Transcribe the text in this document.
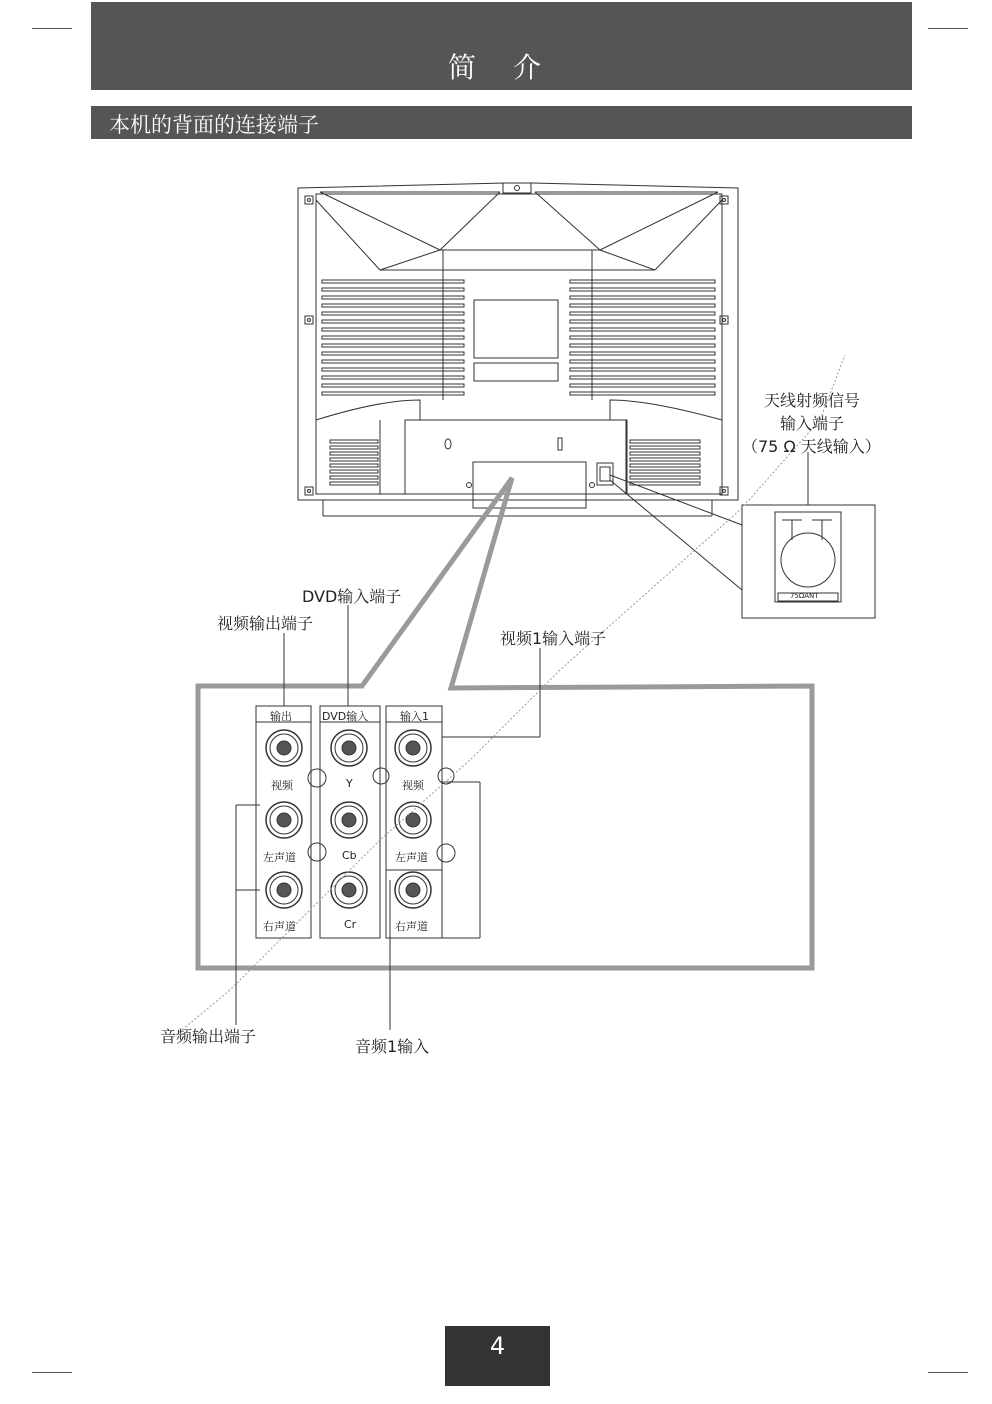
简 介
本机的背面的连接端子
天线射频信号
输入端子
（75 Ω 天线输入）
75ΩANT
DVD输入端子
视频输出端子
视频1输入端子
音频输出端子
音频1输入
输出	DVD输入	输入1
视频
左声道
右声道
Y
Cb
Cr
视频
左声道
右声道
4
